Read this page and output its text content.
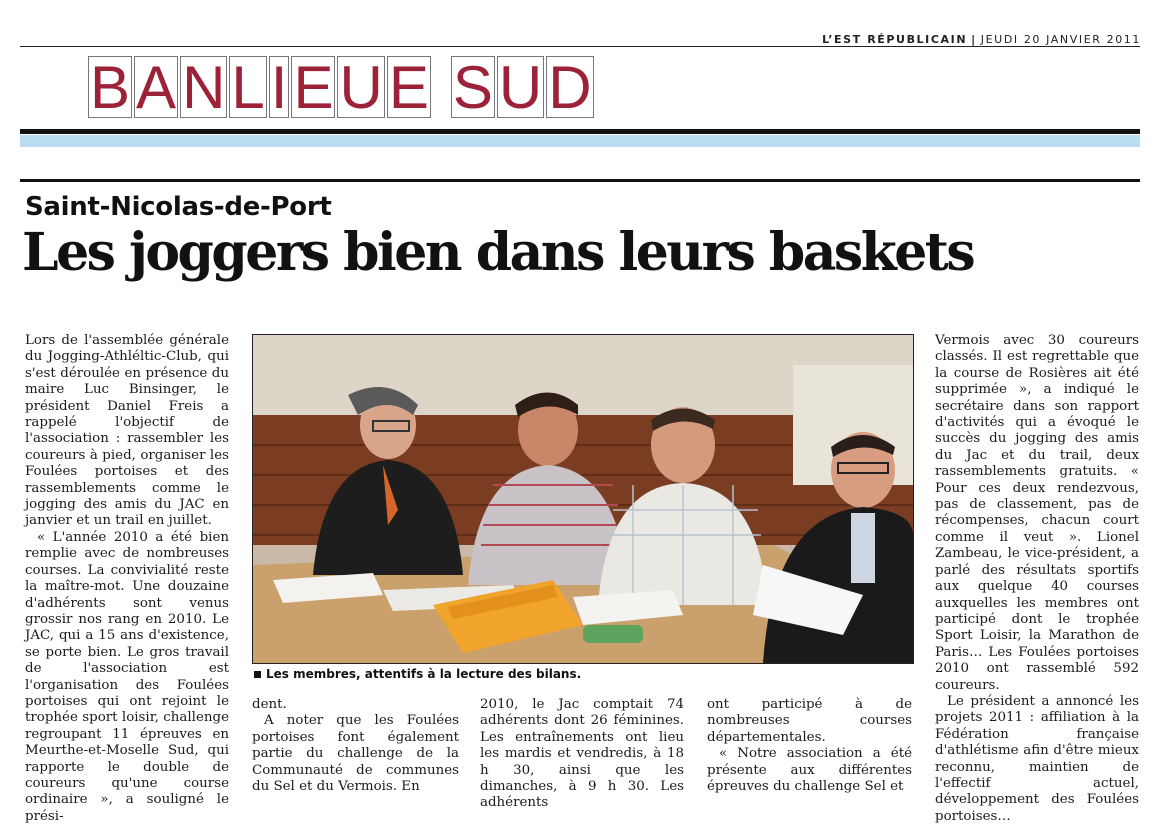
L’EST RÉPUBLICAIN | JEUDI 20 JANVIER 2011
B A N L I E U E S U D
Saint-Nicolas-de-Port
Les joggers bien dans leurs baskets

Lors de l'assemblée générale du Jogging-Athléltic-Club, qui s'est déroulée en présence du maire Luc Binsinger, le président Daniel Freis a rappelé l'objectif de l'association : rassembler les coureurs à pied, organiser les Foulées portoises et des rassemblements comme le jogging des amis du JAC en janvier et un trail en juillet.

« L'année 2010 a été bien remplie avec de nombreuses courses. La convivialité reste la maître-mot. Une douzaine d'adhérents sont venus grossir nos rang en 2010. Le JAC, qui a 15 ans d'existence, se porte bien. Le gros travail de l'association est l'organisation des Foulées portoises qui ont rejoint le trophée sport loisir, challenge regroupant 11 épreuves en Meurthe-et-Moselle Sud, qui rapporte le double de coureurs qu'une course ordinaire », a souligné le prési-

Les membres, attentifs à la lecture des bilans.

dent.

A noter que les Foulées portoises font également partie du challenge de la Communauté de communes du Sel et du Vermois. En

2010, le Jac comptait 74 adhérents dont 26 féminines. Les entraînements ont lieu les mardis et vendredis, à 18 h 30, ainsi que les dimanches, à 9 h 30. Les adhérents

ont participé à de nombreuses courses départementales.

« Notre association a été présente aux différentes épreuves du challenge Sel et

Vermois avec 30 coureurs classés. Il est regrettable que la course de Rosières ait été supprimée », a indiqué le secrétaire dans son rapport d'activités qui a évoqué le succès du jogging des amis du Jac et du trail, deux rassemblements gratuits. « Pour ces deux rendezvous, pas de classement, pas de récompenses, chacun court comme il veut ». Lionel Zambeau, le vice-président, a parlé des résultats sportifs aux quelque 40 courses auxquelles les membres ont participé dont le trophée Sport Loisir, la Marathon de Paris… Les Foulées portoises 2010 ont rassemblé 592 coureurs.

Le président a annoncé les projets 2011 : affiliation à la Fédération française d'athlétisme afin d'être mieux reconnu, maintien de l'effectif actuel, développement des Foulées portoises…
